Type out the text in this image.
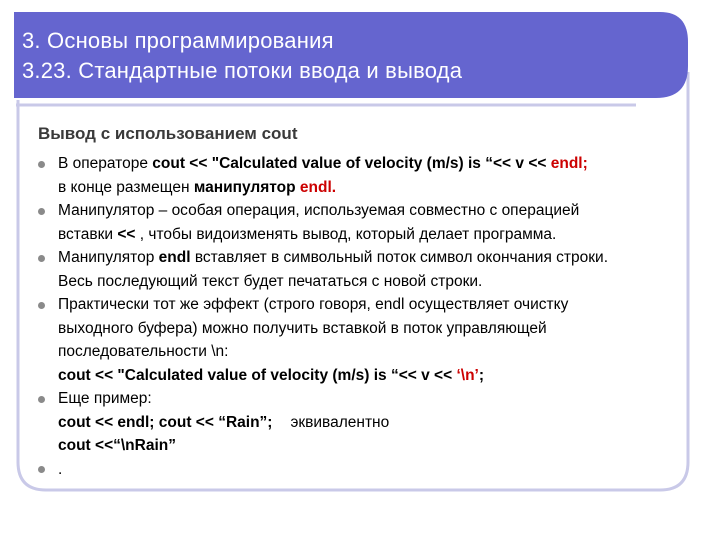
3. Основы программирования
3.23. Стандартные потоки ввода и вывода
Вывод с использованием cout
В операторе cout << "Calculated value of velocity (m/s) is “<< v << endl;
в конце размещен манипулятор endl.
Манипулятор – особая операция, используемая совместно с операцией
вставки << , чтобы видоизменять вывод, который делает программа.
Манипулятор endl вставляет в символьный поток символ окончания строки.
Весь последующий текст будет печататься с новой строки.
Практически тот же эффект (строго говоря, endl осуществляет очистку
выходного буфера) можно получить вставкой в поток управляющей
последовательности \n:
cout << "Calculated value of velocity (m/s) is “<< v << ‘\n’;
Еще пример:
cout << endl; cout << “Rain”; эквивалентно
cout <<“\nRain”
.
